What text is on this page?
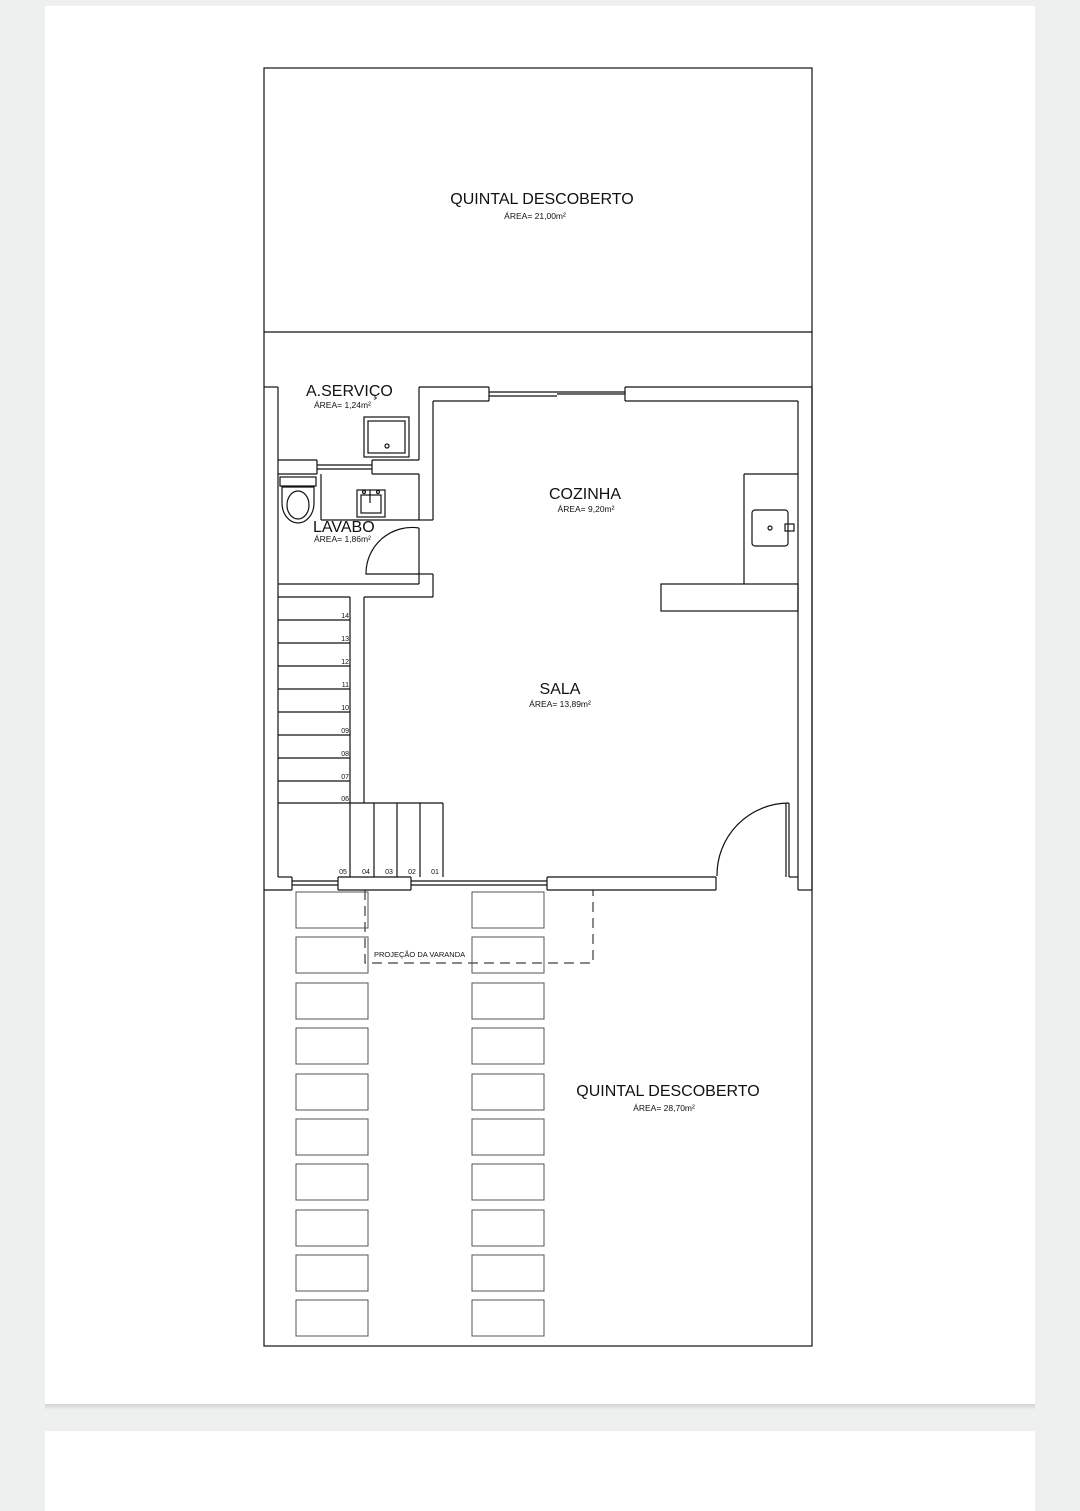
QUINTAL DESCOBERTO
ÁREA= 21,00m²
A.SERVIÇO
ÁREA= 1,24m²
LAVABO
ÁREA= 1,86m²
COZINHA
ÁREA= 9,20m²
SALA
ÁREA= 13,89m²
QUINTAL DESCOBERTO
ÁREA= 28,70m²
PROJEÇÃO DA VARANDA
14
13
12
11
10
09
08
07
06
05 04 03 02 01
